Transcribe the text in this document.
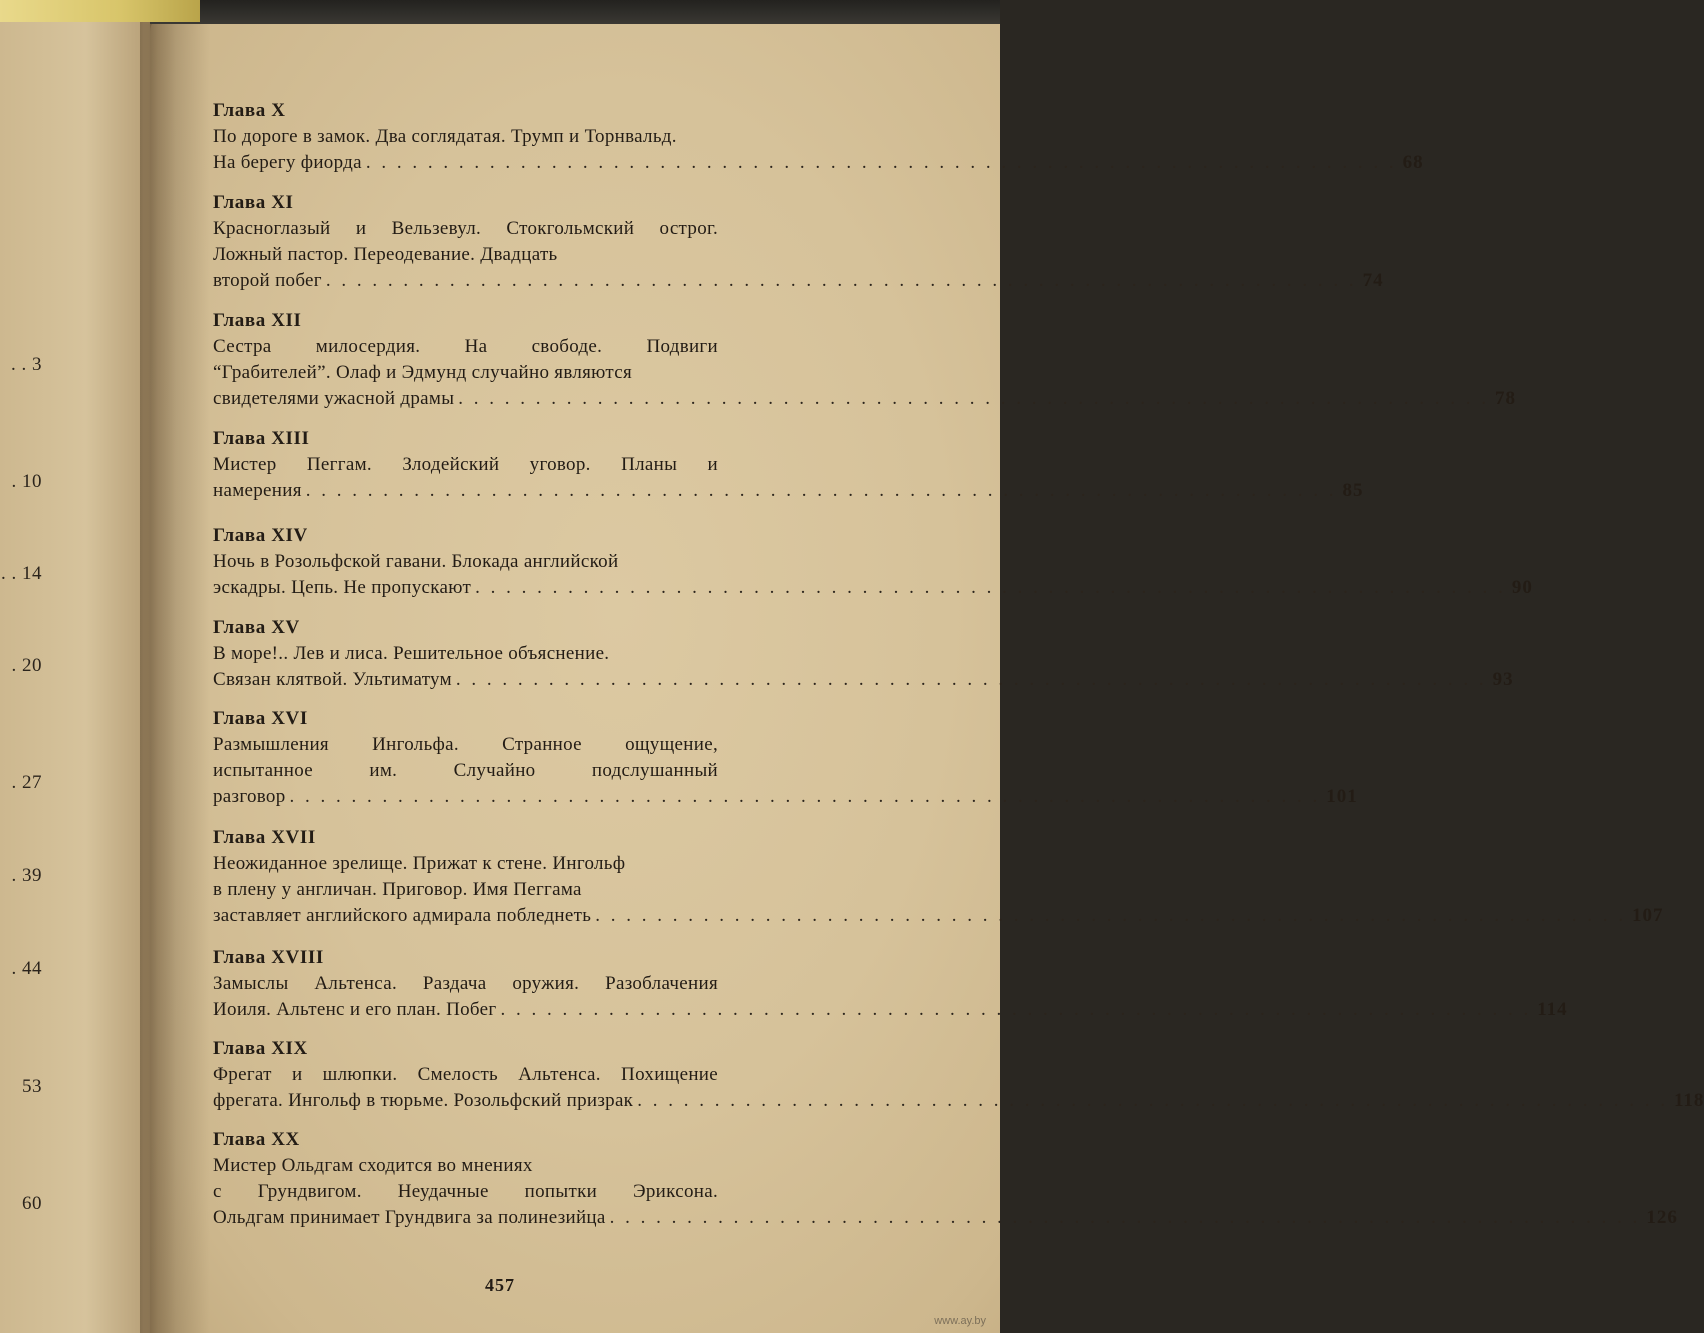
. . 3
. 10
. . 14
. 20
. 27
. 39
. 44
53
60
Глава X
По дороге в замок. Два соглядатая. Трумп и Торнвальд.
На берегу фиорда . . . . . . . . . . . . . . . . . . . . . . . . . . . . . . . . . . . . . . . . . . . . . . . . . . . . . . . . . . . . . . . . . . . 68
Глава XI
Красноглазый и Вельзевул. Стокгольмский острог.
Ложный пастор. Переодевание. Двадцать
второй побег . . . . . . . . . . . . . . . . . . . . . . . . . . . . . . . . . . . . . . . . . . . . . . . . . . . . . . . . . . . . . . . . . . . 74
Глава XII
Сестра милосердия. На свободе. Подвиги
“Грабителей”. Олаф и Эдмунд случайно являются
свидетелями ужасной драмы . . . . . . . . . . . . . . . . . . . . . . . . . . . . . . . . . . . . . . . . . . . . . . . . . . . . . . . . . . . . . . . . . . . 78
Глава XIII
Мистер Пеггам. Злодейский уговор. Планы и
намерения . . . . . . . . . . . . . . . . . . . . . . . . . . . . . . . . . . . . . . . . . . . . . . . . . . . . . . . . . . . . . . . . . . . 85
Глава XIV
Ночь в Розольфской гавани. Блокада английской
эскадры. Цепь. Не пропускают . . . . . . . . . . . . . . . . . . . . . . . . . . . . . . . . . . . . . . . . . . . . . . . . . . . . . . . . . . . . . . . . . . . 90
Глава XV
В море!.. Лев и лиса. Решительное объяснение.
Связан клятвой. Ультиматум . . . . . . . . . . . . . . . . . . . . . . . . . . . . . . . . . . . . . . . . . . . . . . . . . . . . . . . . . . . . . . . . . . . 93
Глава XVI
Размышления Ингольфа. Странное ощущение,
испытанное им. Случайно подслушанный
разговор . . . . . . . . . . . . . . . . . . . . . . . . . . . . . . . . . . . . . . . . . . . . . . . . . . . . . . . . . . . . . . . . . . . 101
Глава XVII
Неожиданное зрелище. Прижат к стене. Ингольф
в плену у англичан. Приговор. Имя Пеггама
заставляет английского адмирала побледнеть . . . . . . . . . . . . . . . . . . . . . . . . . . . . . . . . . . . . . . . . . . . . . . . . . . . . . . . . . . . . . . . . . . . 107
Глава XVIII
Замыслы Альтенса. Раздача оружия. Разоблачения
Иоиля. Альтенс и его план. Побег . . . . . . . . . . . . . . . . . . . . . . . . . . . . . . . . . . . . . . . . . . . . . . . . . . . . . . . . . . . . . . . . . . . 114
Глава XIX
Фрегат и шлюпки. Смелость Альтенса. Похищение
фрегата. Ингольф в тюрьме. Розольфский призрак . . . . . . . . . . . . . . . . . . . . . . . . . . . . . . . . . . . . . . . . . . . . . . . . . . . . . . . . . . . . . . . . . . . 118
Глава XX
Мистер Ольдгам сходится во мнениях
с Грундвигом. Неудачные попытки Эриксона.
Ольдгам принимает Грундвига за полинезийца . . . . . . . . . . . . . . . . . . . . . . . . . . . . . . . . . . . . . . . . . . . . . . . . . . . . . . . . . . . . . . . . . . . 126
457
www.ay.by
